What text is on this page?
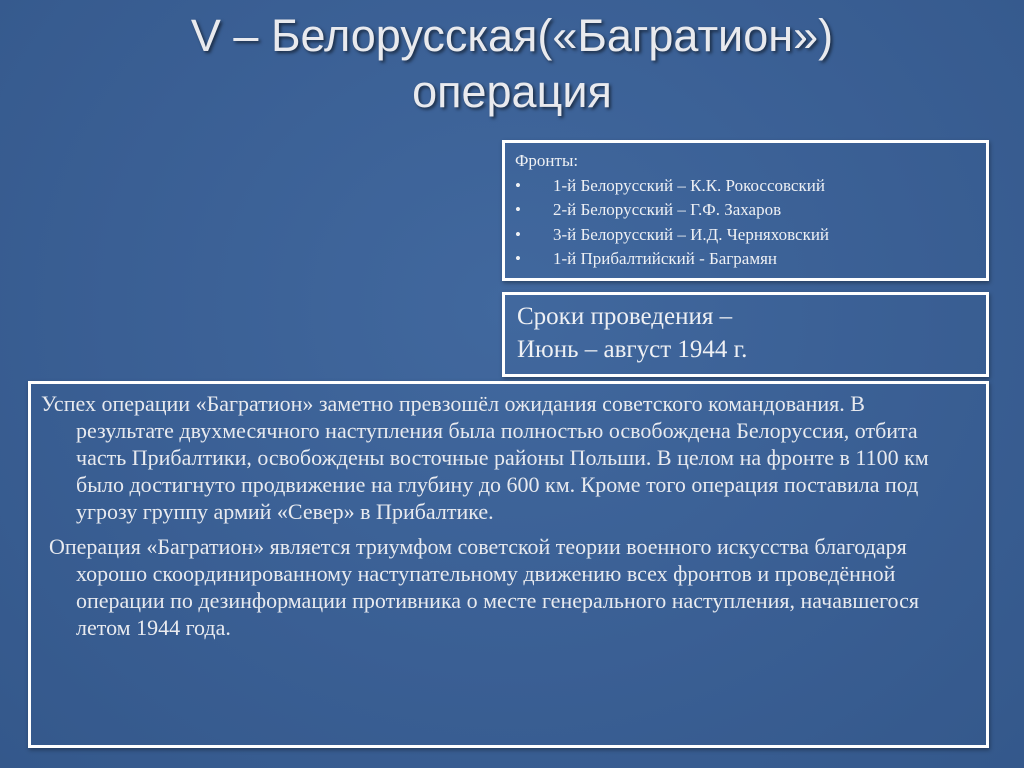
V – Белорусская(«Багратион»)
операция
Фронты:
• 1-й Белорусский – К.К. Рокоссовский
• 2-й Белорусский – Г.Ф. Захаров
• 3-й Белорусский – И.Д. Черняховский
• 1-й Прибалтийский - Баграмян
Сроки проведения –
Июнь – август 1944 г.

Успех операции «Багратион» заметно превзошёл ожидания советского командования. В результате двухмесячного наступления была полностью освобождена Белоруссия, отбита часть Прибалтики, освобождены восточные районы Польши. В целом на фронте в 1100 км было достигнуто продвижение на глубину до 600 км. Кроме того операция поставила под угрозу группу армий «Север» в Прибалтике.

Операция «Багратион» является триумфом советской теории военного искусства благодаря хорошо скоординированному наступательному движению всех фронтов и проведённой операции по дезинформации противника о месте генерального наступления, начавшегося летом 1944 года.
